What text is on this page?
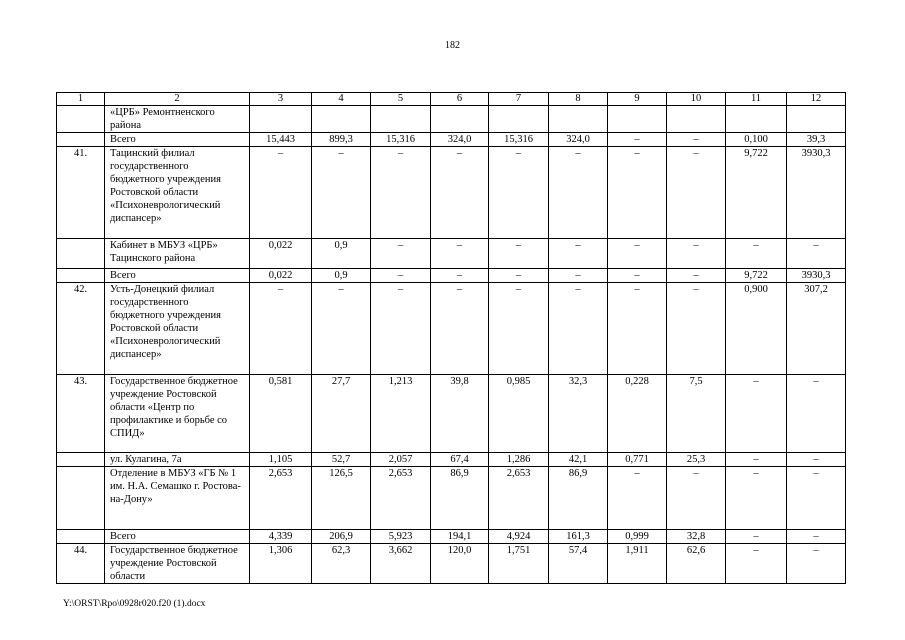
182
1	2	3	4	5	6	7	8	9	10	11	12
	«ЦРБ» Ремонтненского района										
	Всего	15,443	899,3	15,316	324,0	15,316	324,0	–	–	0,100	39,3
41.	Тацинский филиал государственного бюджетного учреждения Ростовской области «Психоневрологический диспансер»	–	–	–	–	–	–	–	–	9,722	3930,3
	Кабинет в МБУЗ «ЦРБ» Тацинского района	0,022	0,9	–	–	–	–	–	–	–	–
	Всего	0,022	0,9	–	–	–	–	–	–	9,722	3930,3
42.	Усть-Донецкий филиал государственного бюджетного учреждения Ростовской области «Психоневрологический диспансер»	–	–	–	–	–	–	–	–	0,900	307,2
43.	Государственное бюджетное учреждение Ростовской области «Центр по профилактике и борьбе со СПИД»	0,581	27,7	1,213	39,8	0,985	32,3	0,228	7,5	–	–
	ул. Кулагина, 7а	1,105	52,7	2,057	67,4	1,286	42,1	0,771	25,3	–	–
	Отделение в МБУЗ «ГБ № 1 им. Н.А. Семашко г. Ростова-на-Дону»	2,653	126,5	2,653	86,9	2,653	86,9	–	–	–	–
	Всего	4,339	206,9	5,923	194,1	4,924	161,3	0,999	32,8	–	–
44.	Государственное бюджетное учреждение Ростовской области	1,306	62,3	3,662	120,0	1,751	57,4	1,911	62,6	–	–
Y:\ORST\Rpo\0928r020.f20 (1).docx
